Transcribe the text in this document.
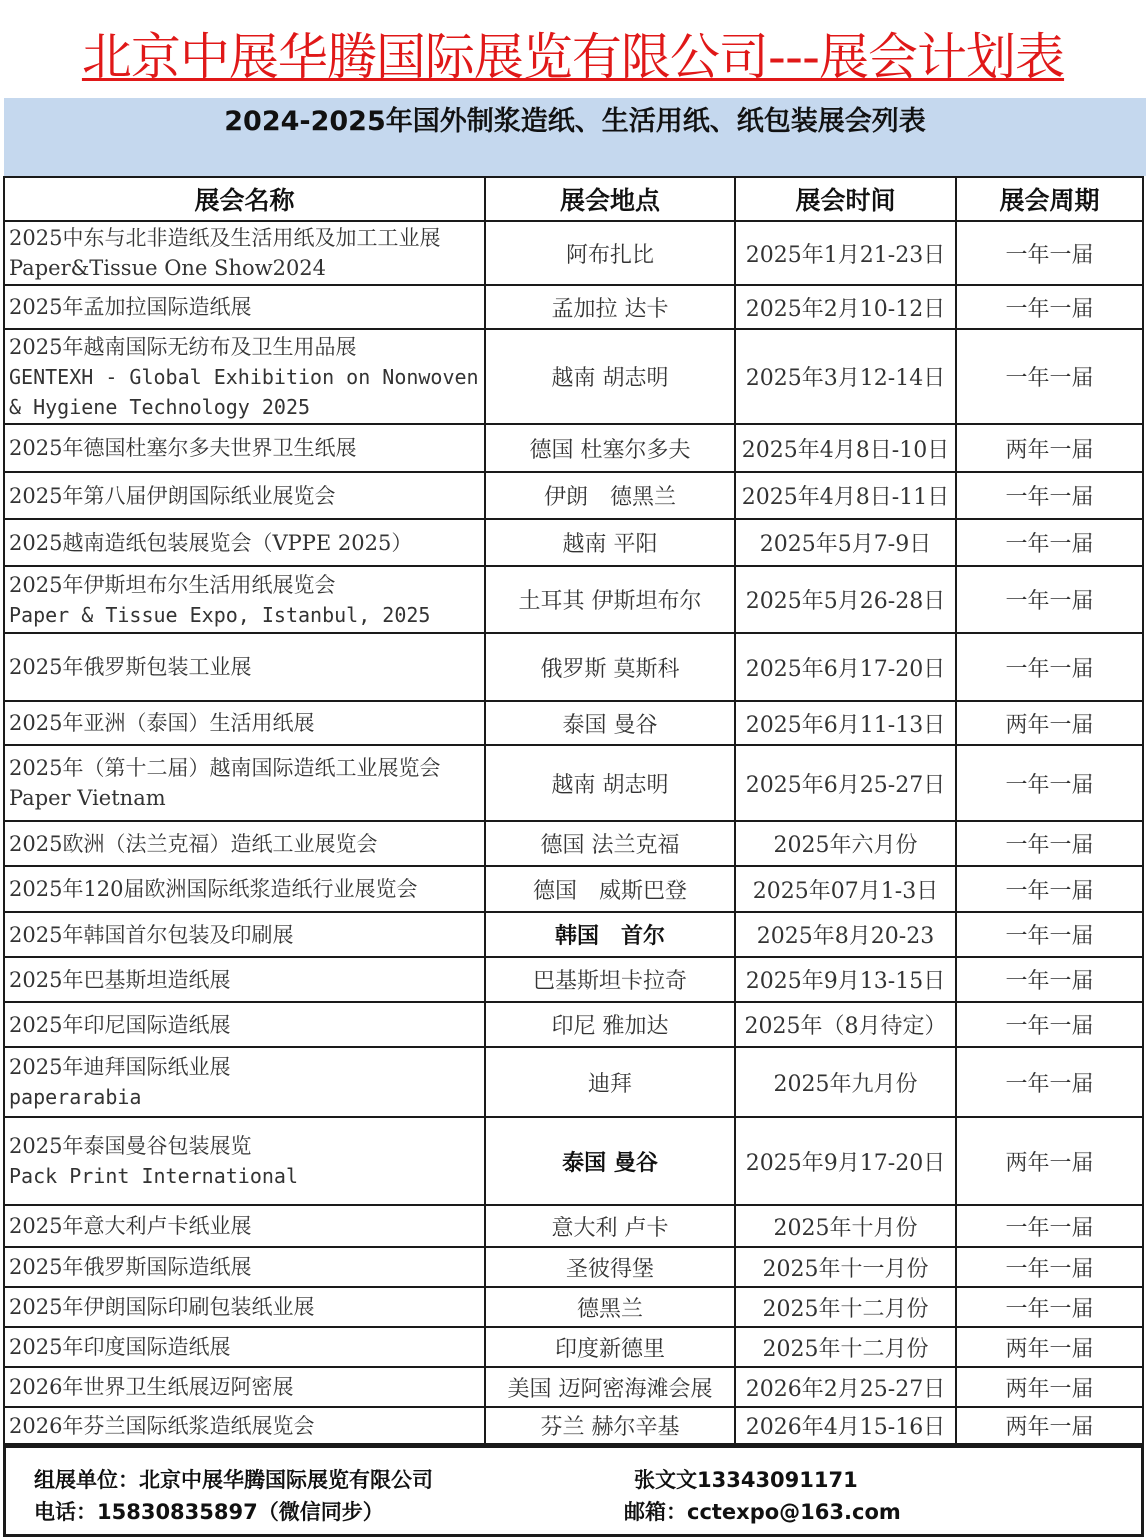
北京中展华腾国际展览有限公司---展会计划表
2024-2025年国外制浆造纸、生活用纸、纸包装展会列表
展会名称	展会地点	展会时间	展会周期
2025中东与北非造纸及生活用纸及加工工业展 Paper&Tissue One Show2024	阿布扎比	2025年1月21-23日	一年一届
2025年孟加拉国际造纸展	孟加拉 达卡	2025年2月10-12日	一年一届

2025年越南国际无纺布及卫生用品展
GENTEXH - Global Exhibition on Nonwoven & Hygiene Technology 2025	越南 胡志明	2025年3月12-14日	一年一届
2025年德国杜塞尔多夫世界卫生纸展	德国 杜塞尔多夫	2025年4月8日-10日	两年一届
2025年第八届伊朗国际纸业展览会	伊朗　德黑兰	2025年4月8日-11日	一年一届
2025越南造纸包装展览会（VPPE 2025）	越南 平阳	2025年5月7-9日	一年一届

2025年伊斯坦布尔生活用纸展览会
Paper & Tissue Expo, Istanbul, 2025	土耳其 伊斯坦布尔	2025年5月26-28日	一年一届
2025年俄罗斯包装工业展	俄罗斯 莫斯科	2025年6月17-20日	一年一届
2025年亚洲（泰国）生活用纸展	泰国 曼谷	2025年6月11-13日	两年一届
2025年（第十二届）越南国际造纸工业展览会Paper Vietnam	越南 胡志明	2025年6月25-27日	一年一届
2025欧洲（法兰克福）造纸工业展览会	德国 法兰克福	2025年六月份	一年一届
2025年120届欧洲国际纸浆造纸行业展览会	德国　威斯巴登	2025年07月1-3日	一年一届
2025年韩国首尔包装及印刷展	韩国　首尔	2025年8月20-23	一年一届
2025年巴基斯坦造纸展	巴基斯坦卡拉奇	2025年9月13-15日	一年一届
2025年印尼国际造纸展	印尼 雅加达	2025年（8月待定）	一年一届

2025年迪拜国际纸业展
paperarabia	迪拜	2025年九月份	一年一届

2025年泰国曼谷包装展览
Pack Print International	泰国 曼谷	2025年9月17-20日	两年一届
2025年意大利卢卡纸业展	意大利 卢卡	2025年十月份	一年一届
2025年俄罗斯国际造纸展	圣彼得堡	2025年十一月份	一年一届
2025年伊朗国际印刷包装纸业展	德黑兰	2025年十二月份	一年一届
2025年印度国际造纸展	印度新德里	2025年十二月份	两年一届
2026年世界卫生纸展迈阿密展	美国 迈阿密海滩会展	2026年2月25-27日	两年一届
2026年芬兰国际纸浆造纸展览会	芬兰 赫尔辛基	2026年4月15-16日	两年一届
组展单位：北京中展华腾国际展览有限公司
电话：15830835897（微信同步）
张文文13343091171
邮箱：cctexpo@163.com
